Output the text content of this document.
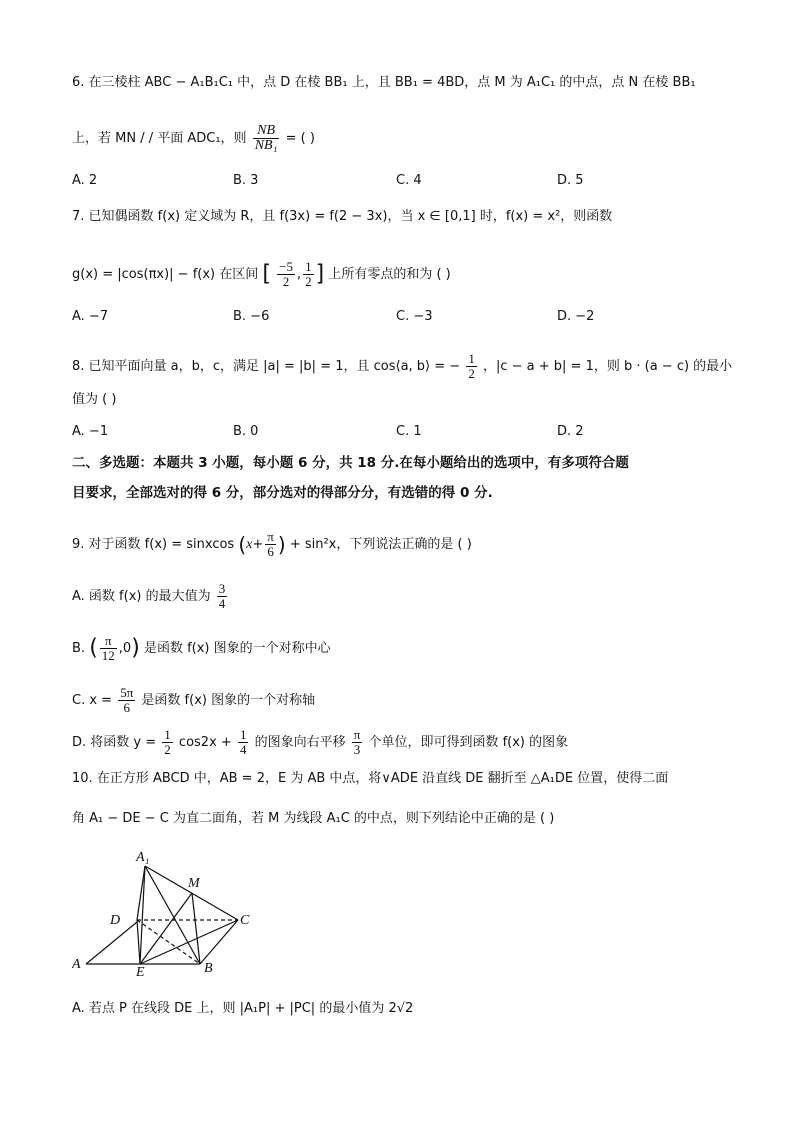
6. 在三棱柱 ABC − A₁B₁C₁ 中，点 D 在棱 BB₁ 上，且 BB₁ = 4BD，点 M 为 A₁C₁ 的中点，点 N 在棱 BB₁
上，若 MN / / 平面 ADC₁，则 $\frac{NB}{\text{NB₁}}$ = ( )
A. 2	B. 3	C. 4	D. 5
7. 已知偶函数 f(x) 定义域为 R，且 f(3x) = f(2 − 3x)，当 x ∈ [0,1] 时，f(x) = x²，则函数
g(x) = |cos(πx)| − f(x) 在区间 [ $\frac{-5}{2}$ , $\frac{1}{2}$ ] 上所有零点的和为 ( )
A. −7	B. −6	C. −3	D. −2
8. 已知平面向量 a，b，c，满足 |a| = |b| = 1，且 cos⟨a, b⟩ = − $\frac{1}{2}$ ，|c − a + b| = 1，则 b · (a − c) 的最小
值为 ( )
A. −1	B. 0	C. 1	D. 2
二、多选题：本题共 3 小题，每小题 6 分，共 18 分.在每小题给出的选项中，有多项符合题
目要求，全部选对的得 6 分，部分选对的得部分分，有选错的得 0 分.
9. 对于函数 f(x) = sinxcos ($x+ \frac{\pi}{6}$ ) + sin²x，下列说法正确的是 ( )
A. 函数 f(x) 的最大值为 $\frac{3}{4}$
B. ( $\frac{\pi}{12} ,0$) 是函数 f(x) 图象的一个对称中心
C. $x = \frac{5\pi}{6}$ 是函数 f(x) 图象的一个对称轴
D. 将函数 $y = \frac{1}{2} \cos 2x + \frac{1}{4}$ 的图象向右平移 $\frac{\pi}{3}$ 个单位，即可得到函数 f(x) 的图象
10. 在正方形 ABCD 中，AB = 2，E 为 AB 中点，将∨ADE 沿直线 DE 翻折至 △A₁DE 位置，使得二面
角 A₁ − DE − C 为直二面角，若 M 为线段 A₁C 的中点，则下列结论中正确的是 ( )
A₁
M
D	C
A
E	B
A. 若点 P 在线段 DE 上，则 |A₁P| + |PC| 的最小值为 2√2
